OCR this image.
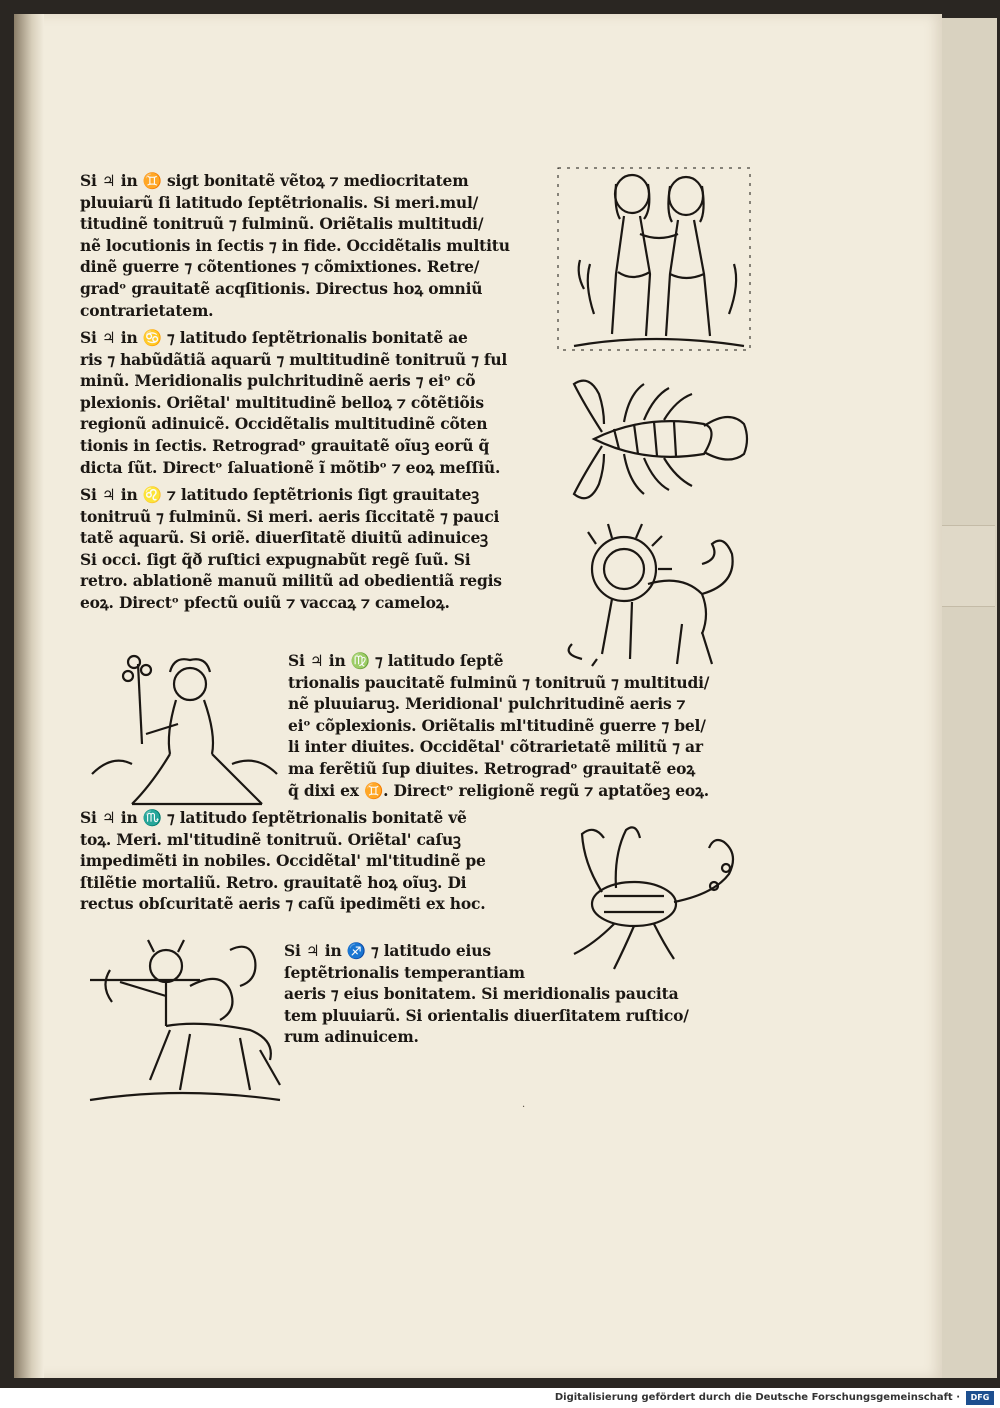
Si ♃ in ♊ sigt bonitatẽ vẽtoꝝ ⁊ mediocritatem
pluuiarũ ſi latitudo ſeptẽtrionalis. Si meri.mul/
titudinẽ tonitruũ ⁊ fulminũ. Oriẽtalis multitudi/
nẽ locutionis in ſectis ⁊ in fide. Occidẽtalis multitu
dinẽ guerre ⁊ cõtentiones ⁊ cõmixtiones. Retre/
gradᵒ grauitatẽ acqſitionis. Directus hoꝝ omniũ
contrarietatem.
Si ♃ in ♋ ⁊ latitudo ſeptẽtrionalis bonitatẽ ae
ris ⁊ habũdãtiã aquarũ ⁊ multitudinẽ tonitruũ ⁊ ful
minũ. Meridionalis pulchritudinẽ aeris ⁊ eiᵒ cõ
plexionis. Oriẽtal' multitudinẽ belloꝝ ⁊ cõtẽtiõis
regionũ adinuicẽ. Occidẽtalis multitudinẽ cõten
tionis in ſectis. Retrogradᵒ grauitatẽ oĩuꝫ eorũ q̃
dicta ſũt. Directᵒ ſaluationẽ ĩ mõtibᵒ ⁊ eoꝝ meſſiũ.
Si ♃ in ♌ ⁊ latitudo ſeptẽtrionis ſigt grauitateꝫ
tonitruũ ⁊ fulminũ. Si meri. aeris ſiccitatẽ ⁊ pauci
tatẽ aquarũ. Si oriẽ. diuerſitatẽ diuitũ adinuiceꝫ
Si occi. ſigt q̃ð ruſtici expugnabũt regẽ ſuũ. Si
retro. ablationẽ manuũ militũ ad obedientiã regis
eoꝝ. Directᵒ pfectũ ouiũ ⁊ vaccaꝝ ⁊ cameloꝝ.
Si ♃ in ♍ ⁊ latitudo ſeptẽ
trionalis paucitatẽ fulminũ ⁊ tonitruũ ⁊ multitudi/
nẽ pluuiaruꝫ. Meridional' pulchritudinẽ aeris ⁊
eiᵒ cõplexionis. Oriẽtalis ml'titudinẽ guerre ⁊ bel/
li inter diuites. Occidẽtal' cõtrarietatẽ militũ ⁊ ar
ma ferẽtiũ ſup diuites. Retrogradᵒ grauitatẽ eoꝝ
q̃ dixi ex ♊. Directᵒ religionẽ regũ ⁊ aptatõeꝫ eoꝝ.
Si ♃ in ♏ ⁊ latitudo ſeptẽtrionalis bonitatẽ vẽ
toꝝ. Meri. ml'titudinẽ tonitruũ. Oriẽtal' caſuꝫ
impedimẽti in nobiles. Occidẽtal' ml'titudinẽ pe
ſtilẽtie mortaliũ. Retro. grauitatẽ hoꝝ oĩuꝫ. Di
rectus obſcuritatẽ aeris ⁊ caſũ ipedimẽti ex hoc.
Si ♃ in ♐ ⁊ latitudo eius
ſeptẽtrionalis temperantiam
aeris ⁊ eius bonitatem. Si meridionalis paucita
tem pluuiarũ. Si orientalis diuerſitatem ruſtico/
rum adinuicem.
·
Digitalisierung gefördert durch die Deutsche Forschungsgemeinschaft ·	DFG
